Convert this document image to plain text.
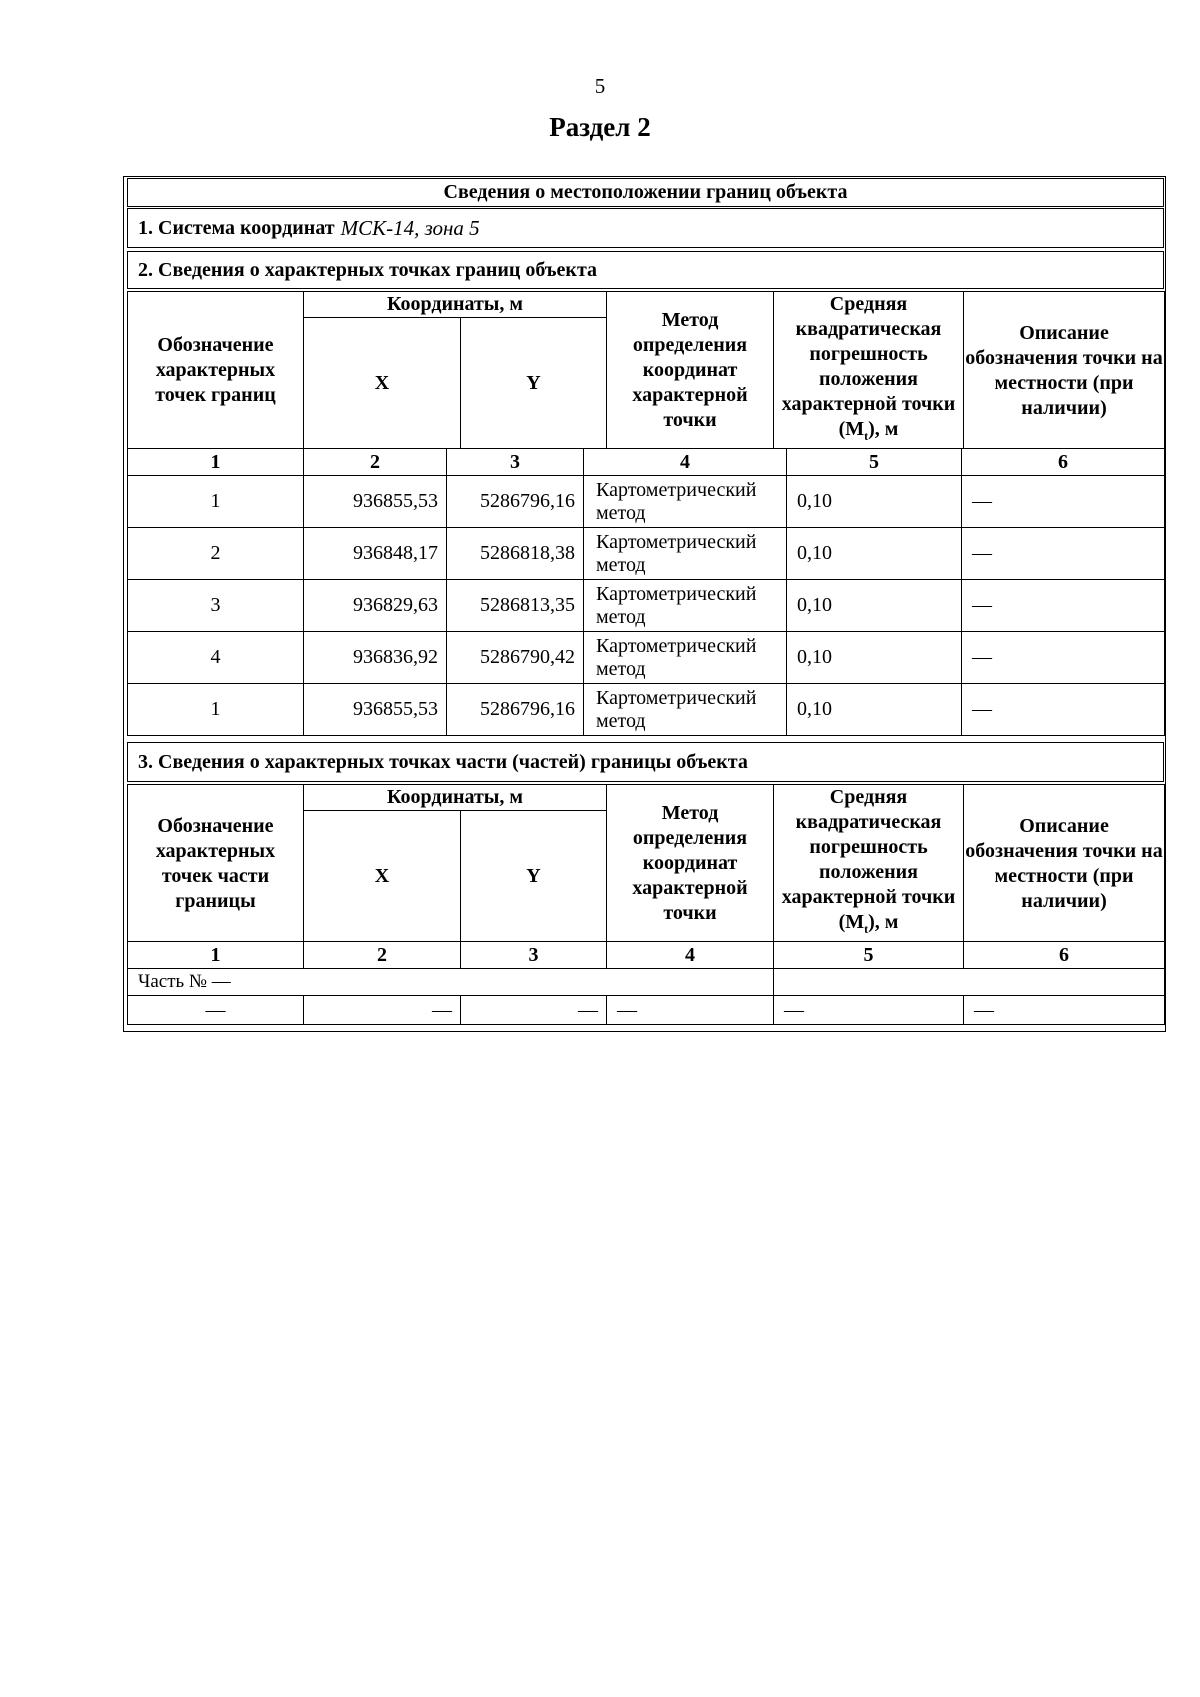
5
Раздел 2
Сведения о местоположении границ объекта
1. Система координат МСК-14, зона 5
2. Сведения о характерных точках границ объекта
Обозначение характерных точек границ	Координаты, м		Метод определения координат характерной точки	Средняя квадратическая погрешность положения характерной точки $(M_t)$, м	Описание обозначения точки на местности (при наличии)
	X	Y			
1	2	3	4	5	6
1	936855,53	5286796,16	Картометрический метод	0,10	—
2	936848,17	5286818,38	Картометрический метод	0,10	—
3	936829,63	5286813,35	Картометрический метод	0,10	—
4	936836,92	5286790,42	Картометрический метод	0,10	—
1	936855,53	5286796,16	Картометрический метод	0,10	—
3. Сведения о характерных точках части (частей) границы объекта
Обозначение характерных точек части границы	Координаты, м		Метод определения координат характерной точки	Средняя квадратическая погрешность положения характерной точки $(M_t)$, м	Описание обозначения точки на местности (при наличии)
	X	Y			
1	2	3	4	5	6
Часть № —					
—	—	—	—	—	—
